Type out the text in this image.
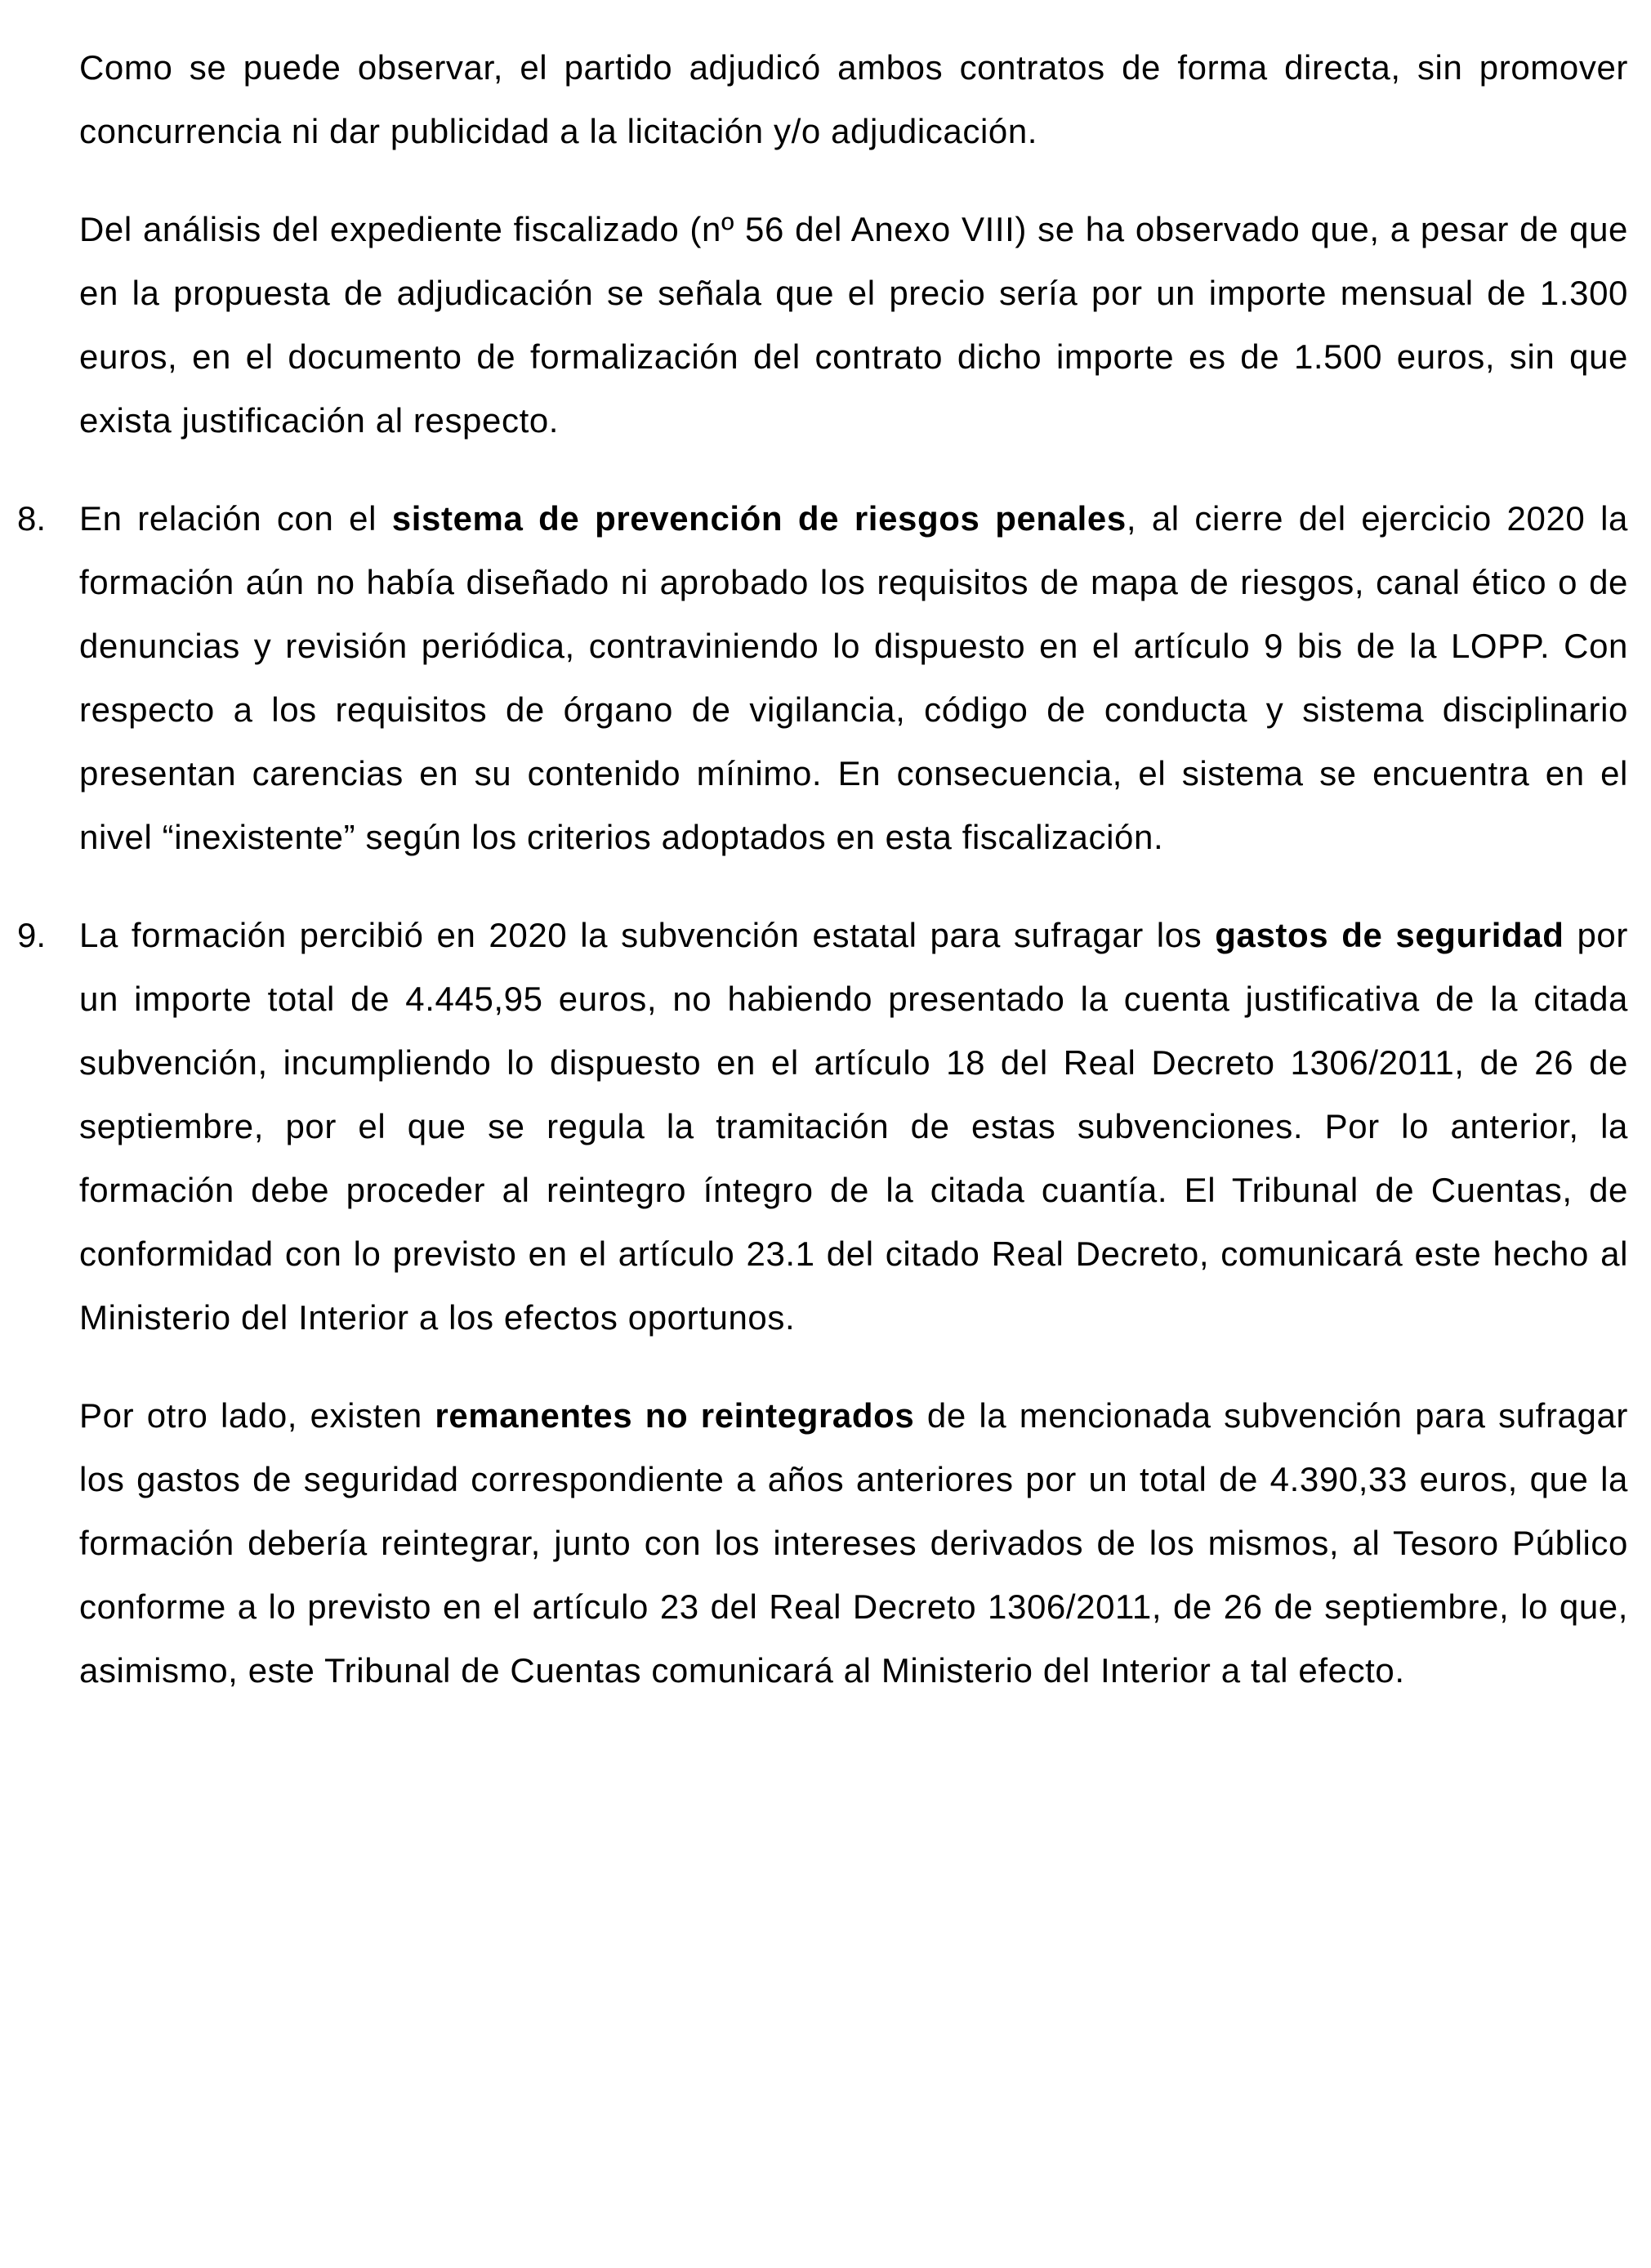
Como se puede observar, el partido adjudicó ambos contratos de forma directa, sin promover concurrencia ni dar publicidad a la licitación y/o adjudicación.

Del análisis del expediente fiscalizado (nº 56 del Anexo VIII) se ha observado que, a pesar de que en la propuesta de adjudicación se señala que el precio sería por un importe mensual de 1.300 euros, en el documento de formalización del contrato dicho importe es de 1.500 euros, sin que exista justificación al respecto.

8. En relación con el sistema de prevención de riesgos penales, al cierre del ejercicio 2020 la formación aún no había diseñado ni aprobado los requisitos de mapa de riesgos, canal ético o de denuncias y revisión periódica, contraviniendo lo dispuesto en el artículo 9 bis de la LOPP. Con respecto a los requisitos de órgano de vigilancia, código de conducta y sistema disciplinario presentan carencias en su contenido mínimo. En consecuencia, el sistema se encuentra en el nivel “inexistente” según los criterios adoptados en esta fiscalización.

9. La formación percibió en 2020 la subvención estatal para sufragar los gastos de seguridad por un importe total de 4.445,95 euros, no habiendo presentado la cuenta justificativa de la citada subvención, incumpliendo lo dispuesto en el artículo 18 del Real Decreto 1306/2011, de 26 de septiembre, por el que se regula la tramitación de estas subvenciones. Por lo anterior, la formación debe proceder al reintegro íntegro de la citada cuantía. El Tribunal de Cuentas, de conformidad con lo previsto en el artículo 23.1 del citado Real Decreto, comunicará este hecho al Ministerio del Interior a los efectos oportunos.

Por otro lado, existen remanentes no reintegrados de la mencionada subvención para sufragar los gastos de seguridad correspondiente a años anteriores por un total de 4.390,33 euros, que la formación debería reintegrar, junto con los intereses derivados de los mismos, al Tesoro Público conforme a lo previsto en el artículo 23 del Real Decreto 1306/2011, de 26 de septiembre, lo que, asimismo, este Tribunal de Cuentas comunicará al Ministerio del Interior a tal efecto.
